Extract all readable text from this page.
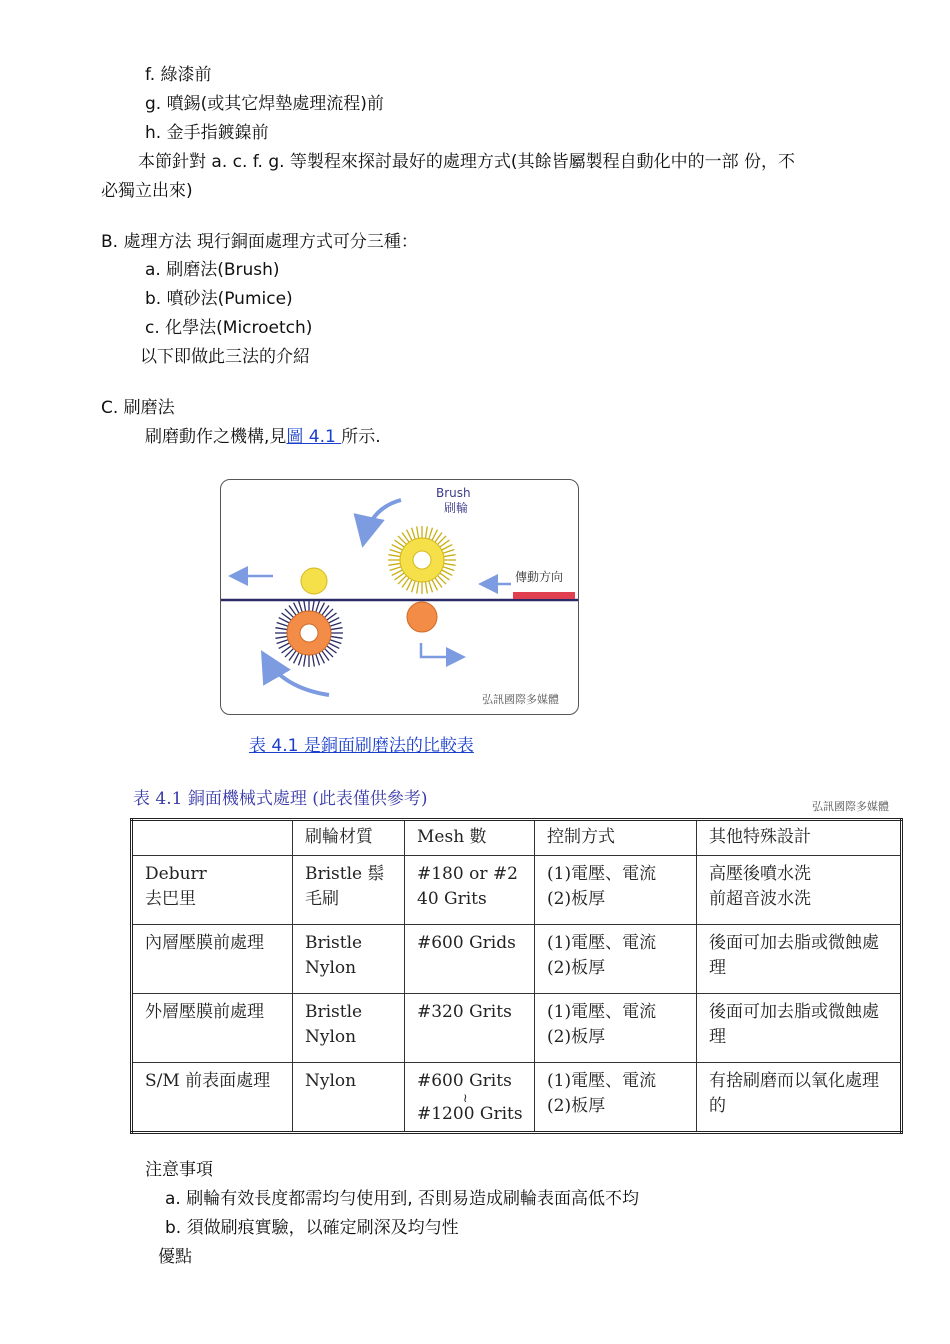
f. 綠漆前
g. 噴錫(或其它焊墊處理流程)前
h. 金手指鍍鎳前
本節針對 a. c. f. g. 等製程來探討最好的處理方式(其餘皆屬製程自動化中的一部 份，不
必獨立出來)
B. 處理方法 現行銅面處理方式可分三種：
a. 刷磨法(Brush)
b. 噴砂法(Pumice)
c. 化學法(Microetch)
以下即做此三法的介紹
C. 刷磨法
刷磨動作之機構,見圖 4.1 所示.
Brush
刷輪
傳動方向
弘訊國際多媒體
表 4.1 是銅面刷磨法的比較表
表 4.1 銅面機械式處理 (此表僅供參考)	弘訊國際多媒體
	刷輪材質	Mesh 數	控制方式	其他特殊設計

Deburr
去巴里	Bristle 鬃毛刷	#180 or #240 Grits	(1)電壓、電流
(2)板厚	高壓後噴水洗
前超音波水洗

內層壓膜前處理	Bristle
Nylon	#600 Grids	(1)電壓、電流
(2)板厚	後面可加去脂或微蝕處理

外層壓膜前處理	Bristle
Nylon	#320 Grits	(1)電壓、電流
(2)板厚	後面可加去脂或微蝕處理

S/M 前表面處理	Nylon	#600 Grits
≀
#1200 Grits	(1)電壓、電流
(2)板厚	有捨刷磨而以氧化處理的
注意事項
a. 刷輪有效長度都需均勻使用到, 否則易造成刷輪表面高低不均
b. 須做刷痕實驗，以確定刷深及均勻性
優點
